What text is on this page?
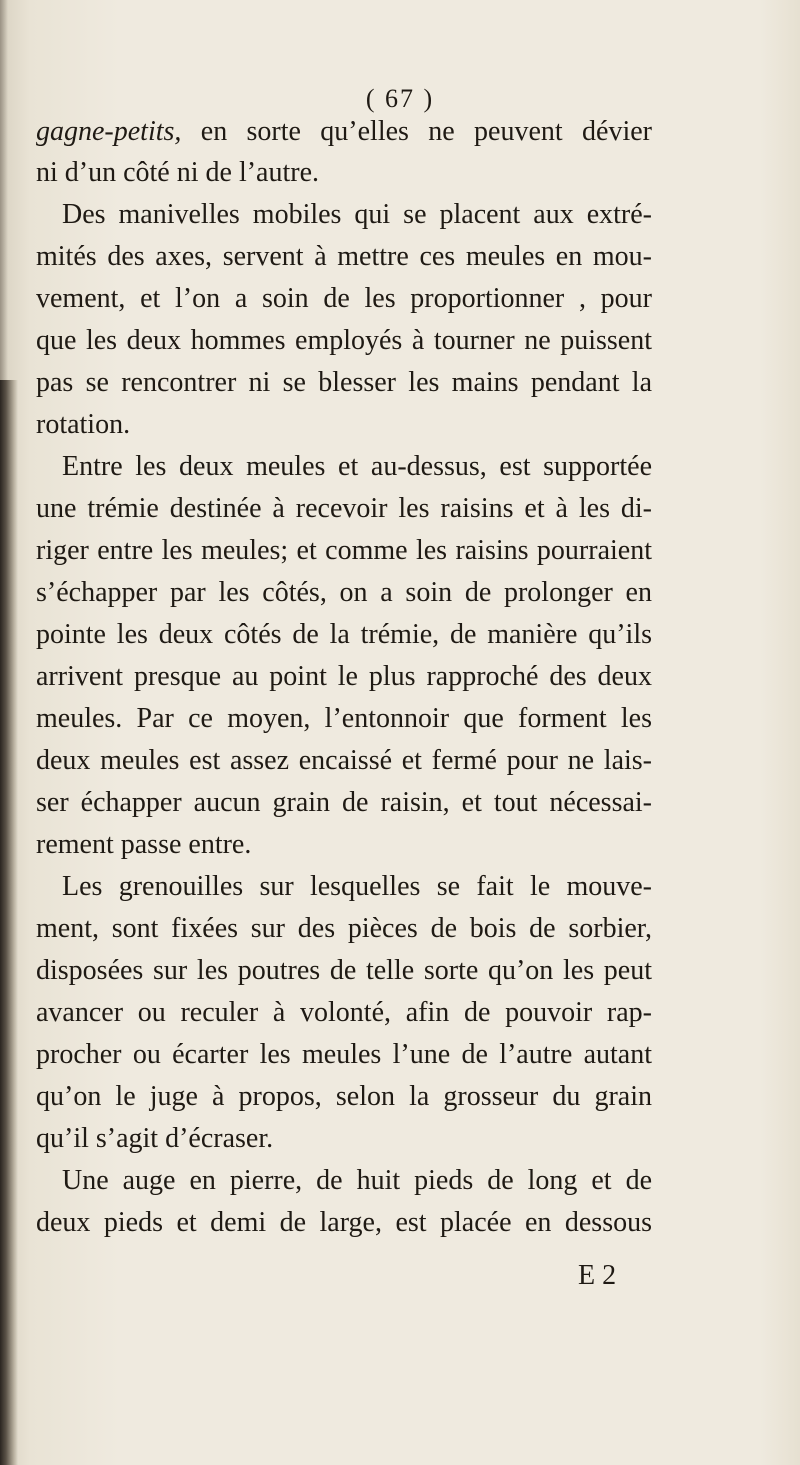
( 67 )
gagne-petits, en sorte qu’elles ne peuvent dévier
ni d’un côté ni de l’autre.
Des manivelles mobiles qui se placent aux extré-
mités des axes, servent à mettre ces meules en mou-
vement, et l’on a soin de les proportionner , pour
que les deux hommes employés à tourner ne puissent
pas se rencontrer ni se blesser les mains pendant la
rotation.
Entre les deux meules et au-dessus, est supportée
une trémie destinée à recevoir les raisins et à les di-
riger entre les meules; et comme les raisins pourraient
s’échapper par les côtés, on a soin de prolonger en
pointe les deux côtés de la trémie, de manière qu’ils
arrivent presque au point le plus rapproché des deux
meules. Par ce moyen, l’entonnoir que forment les
deux meules est assez encaissé et fermé pour ne lais-
ser échapper aucun grain de raisin, et tout nécessai-
rement passe entre.
Les grenouilles sur lesquelles se fait le mouve-
ment, sont fixées sur des pièces de bois de sorbier,
disposées sur les poutres de telle sorte qu’on les peut
avancer ou reculer à volonté, afin de pouvoir rap-
procher ou écarter les meules l’une de l’autre autant
qu’on le juge à propos, selon la grosseur du grain
qu’il s’agit d’écraser.
Une auge en pierre, de huit pieds de long et de
deux pieds et demi de large, est placée en dessous
E 2
